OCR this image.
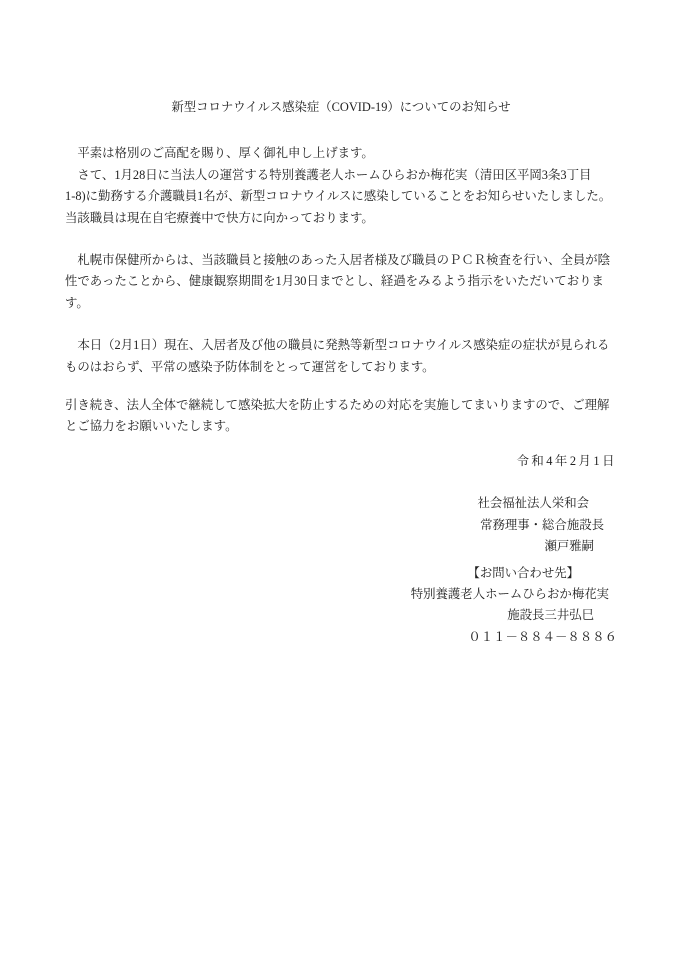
新型コロナウイルス感染症（COVID-19）についてのお知らせ
　平素は格別のご高配を賜り、厚く御礼申し上げます。
　さて、1月28日に当法人の運営する特別養護老人ホームひらおか梅花実（清田区平岡3条3丁目
1-8)に勤務する介護職員1名が、新型コロナウイルスに感染していることをお知らせいたしました。
当該職員は現在自宅療養中で快方に向かっております。
　札幌市保健所からは、当該職員と接触のあった入居者様及び職員のＰＣＲ検査を行い、全員が陰
性であったことから、健康観察期間を1月30日までとし、経過をみるよう指示をいただいておりま
す。
　本日（2月1日）現在、入居者及び他の職員に発熱等新型コロナウイルス感染症の症状が見られる
ものはおらず、平常の感染予防体制をとって運営をしております。
引き続き、法人全体で継続して感染拡大を防止するための対応を実施してまいりますので、ご理解
とご協力をお願いいたします。
令和4年2月1日
社会福祉法人栄和会
常務理事・総合施設長
瀬戸雅嗣
【お問い合わせ先】
特別養護老人ホームひらおか梅花実
施設長三井弘巳
０１１－８８４－８８８６
